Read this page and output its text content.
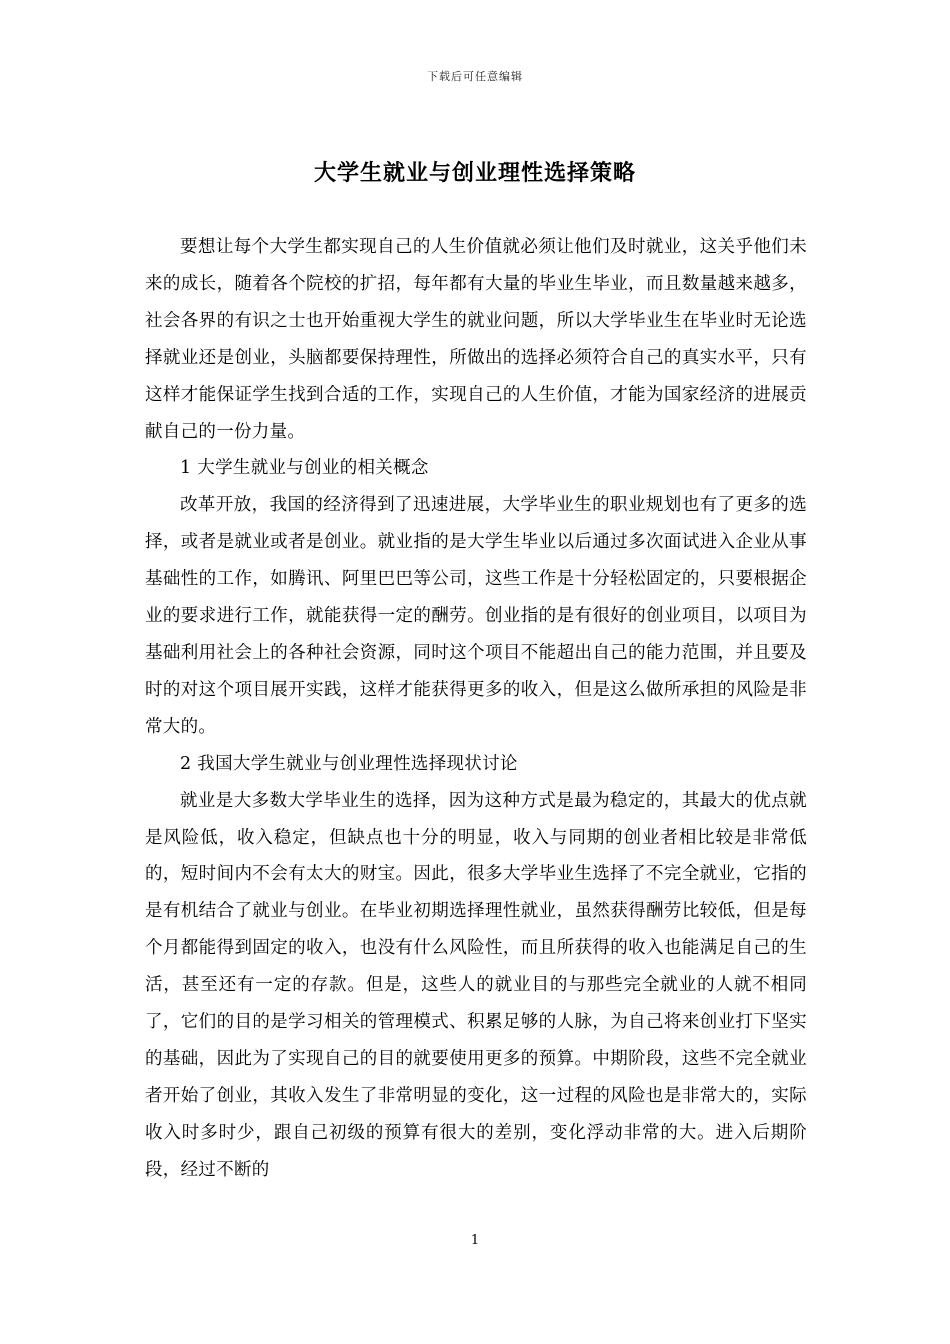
下载后可任意编辑
大学生就业与创业理性选择策略

要想让每个大学生都实现自己的人生价值就必须让他们及时就业，这关乎他们未来的成长，随着各个院校的扩招，每年都有大量的毕业生毕业，而且数量越来越多，社会各界的有识之士也开始重视大学生的就业问题，所以大学毕业生在毕业时无论选择就业还是创业，头脑都要保持理性，所做出的选择必须符合自己的真实水平，只有这样才能保证学生找到合适的工作，实现自己的人生价值，才能为国家经济的进展贡献自己的一份力量。

1 大学生就业与创业的相关概念

改革开放，我国的经济得到了迅速进展，大学毕业生的职业规划也有了更多的选择，或者是就业或者是创业。就业指的是大学生毕业以后通过多次面试进入企业从事基础性的工作，如腾讯、阿里巴巴等公司，这些工作是十分轻松固定的，只要根据企业的要求进行工作，就能获得一定的酬劳。创业指的是有很好的创业项目，以项目为基础利用社会上的各种社会资源，同时这个项目不能超出自己的能力范围，并且要及时的对这个项目展开实践，这样才能获得更多的收入，但是这么做所承担的风险是非常大的。

2 我国大学生就业与创业理性选择现状讨论

就业是大多数大学毕业生的选择，因为这种方式是最为稳定的，其最大的优点就是风险低，收入稳定，但缺点也十分的明显，收入与同期的创业者相比较是非常低的，短时间内不会有太大的财宝。因此，很多大学毕业生选择了不完全就业，它指的是有机结合了就业与创业。在毕业初期选择理性就业，虽然获得酬劳比较低，但是每个月都能得到固定的收入，也没有什么风险性，而且所获得的收入也能满足自己的生活，甚至还有一定的存款。但是，这些人的就业目的与那些完全就业的人就不相同了，它们的目的是学习相关的管理模式、积累足够的人脉，为自己将来创业打下坚实的基础，因此为了实现自己的目的就要使用更多的预算。中期阶段，这些不完全就业者开始了创业，其收入发生了非常明显的变化，这一过程的风险也是非常大的，实际收入时多时少，跟自己初级的预算有很大的差别，变化浮动非常的大。进入后期阶段，经过不断的

1
